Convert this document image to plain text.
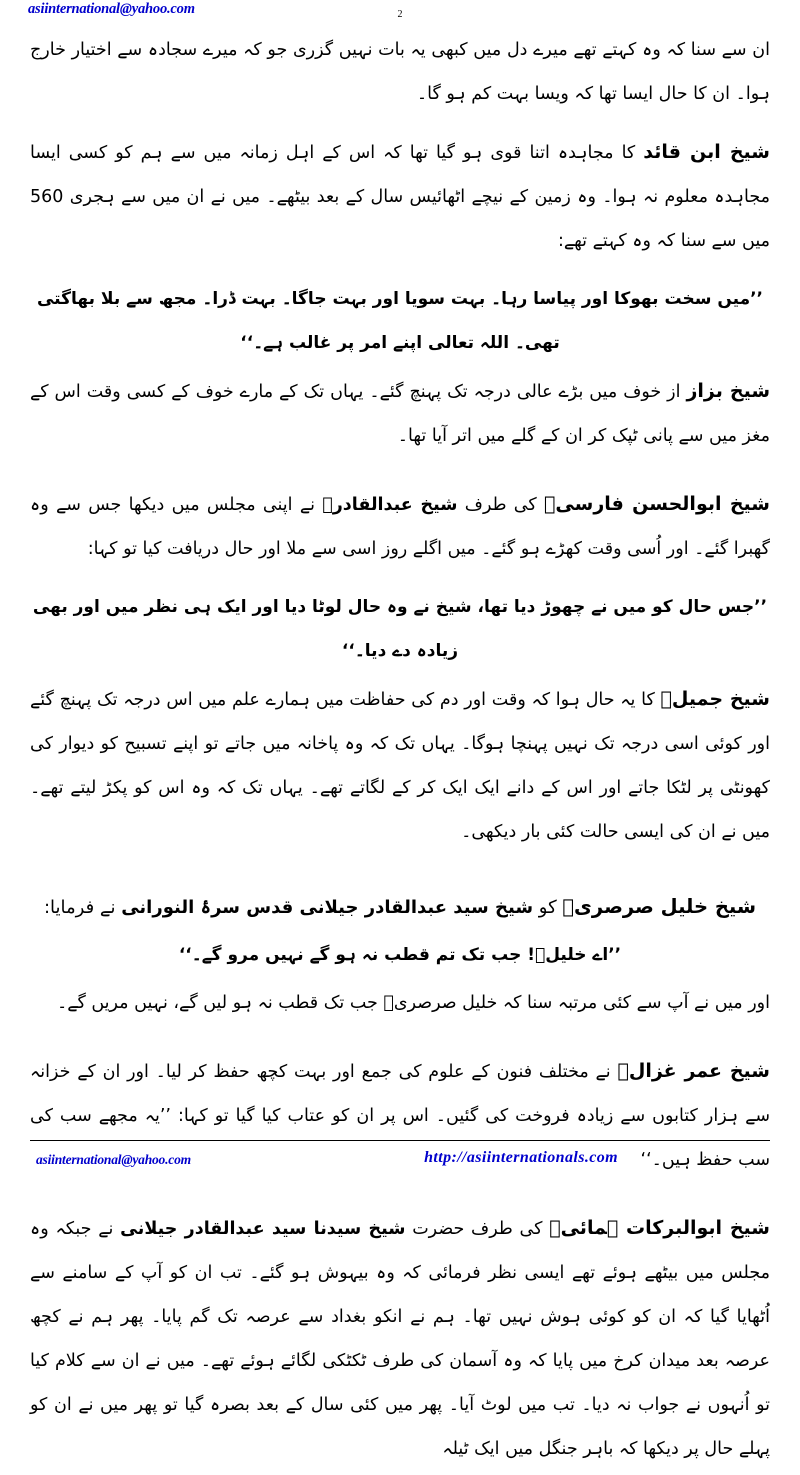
asiinternational@yahoo.com	2

ان سے سنا کہ وہ کہتے تھے میرے دل میں کبھی یہ بات نہیں گزری جو کہ میرے سجادہ سے اختیار خارج ہوا۔ ان کا حال ایسا تھا کہ ویسا بہت کم ہو گا۔

شیخ ابن قائد کا مجاہدہ اتنا قوی ہو گیا تھا کہ اس کے اہل زمانہ میں سے ہم کو کسی ایسا مجاہدہ معلوم نہ ہوا۔ وہ زمین کے نیچے اٹھائیس سال کے بعد بیٹھے۔ میں نے ان میں سے ہجری 560 میں سے سنا کہ وہ کہتے تھے:

’’میں سخت بھوکا اور پیاسا رہا۔ بہت سویا اور بہت جاگا۔ بہت ڈرا۔ مجھ سے بلا بھاگتی تھی۔ اللہ تعالی اپنے امر پر غالب ہے۔‘‘

شیخ بزاز از خوف میں بڑے عالی درجہ تک پہنچ گئے۔ یہاں تک کے مارے خوف کے کسی وقت اس کے مغز میں سے پانی ٹپک کر ان کے گلے میں اتر آیا تھا۔

شیخ ابوالحسن فارسیؒ کی طرف شیخ عبدالقادرؒ نے اپنی مجلس میں دیکھا جس سے وہ گھبرا گئے۔ اور اُسی وقت کھڑے ہو گئے۔ میں اگلے روز اسی سے ملا اور حال دریافت کیا تو کہا:

’’جس حال کو میں نے چھوڑ دیا تھا، شیخ نے وہ حال لوٹا دیا اور ایک ہی نظر میں اور بھی زیادہ دے دیا۔‘‘

شیخ جمیلؒ کا یہ حال ہوا کہ وقت اور دم کی حفاظت میں ہمارے علم میں اس درجہ تک پہنچ گئے اور کوئی اسی درجہ تک نہیں پہنچا ہوگا۔ یہاں تک کہ وہ پاخانہ میں جاتے تو اپنے تسبیح کو دیوار کی کھونٹی پر لٹکا جاتے اور اس کے دانے ایک ایک کر کے لگاتے تھے۔ یہاں تک کہ وہ اس کو پکڑ لیتے تھے۔ میں نے ان کی ایسی حالت کئی بار دیکھی۔

شیخ خلیل صرصریؒ کو شیخ سید عبدالقادر جیلانی قدس سرۂ النورانی نے فرمایا:

’’اے خلیلؒ! جب تک تم قطب نہ ہو گے نہیں مرو گے۔‘‘

اور میں نے آپ سے کئی مرتبہ سنا کہ خلیل صرصریؒ جب تک قطب نہ ہو لیں گے، نہیں مریں گے۔

شیخ عمر غزالؒ نے مختلف فنون کے علوم کی جمع اور بہت کچھ حفظ کر لیا۔ اور ان کے خزانہ سے ہزار کتابوں سے زیادہ فروخت کی گئیں۔ اس پر ان کو عتاب کیا گیا تو کہا: ’’یہ مجھے سب کی سب حفظ ہیں۔‘‘

شیخ ابوالبرکات ہمائیؒ کی طرف حضرت شیخ سیدنا سید عبدالقادر جیلانی نے جبکہ وہ مجلس میں بیٹھے ہوئے تھے ایسی نظر فرمائی کہ وہ بیہوش ہو گئے۔ تب ان کو آپ کے سامنے سے اُٹھایا گیا کہ ان کو کوئی ہوش نہیں تھا۔ ہم نے انکو بغداد سے عرصہ تک گم پایا۔ پھر ہم نے کچھ عرصہ بعد میدان کرخ میں پایا کہ وہ آسمان کی طرف ٹکٹکی لگائے ہوئے تھے۔ میں نے ان سے کلام کیا تو اُنہوں نے جواب نہ دیا۔ تب میں لوٹ آیا۔ پھر میں کئی سال کے بعد بصرہ گیا تو پھر میں نے ان کو پہلے حال پر دیکھا کہ باہر جنگل میں ایک ٹیلہ

asiinternational@yahoo.com	http://asiinternationals.com
